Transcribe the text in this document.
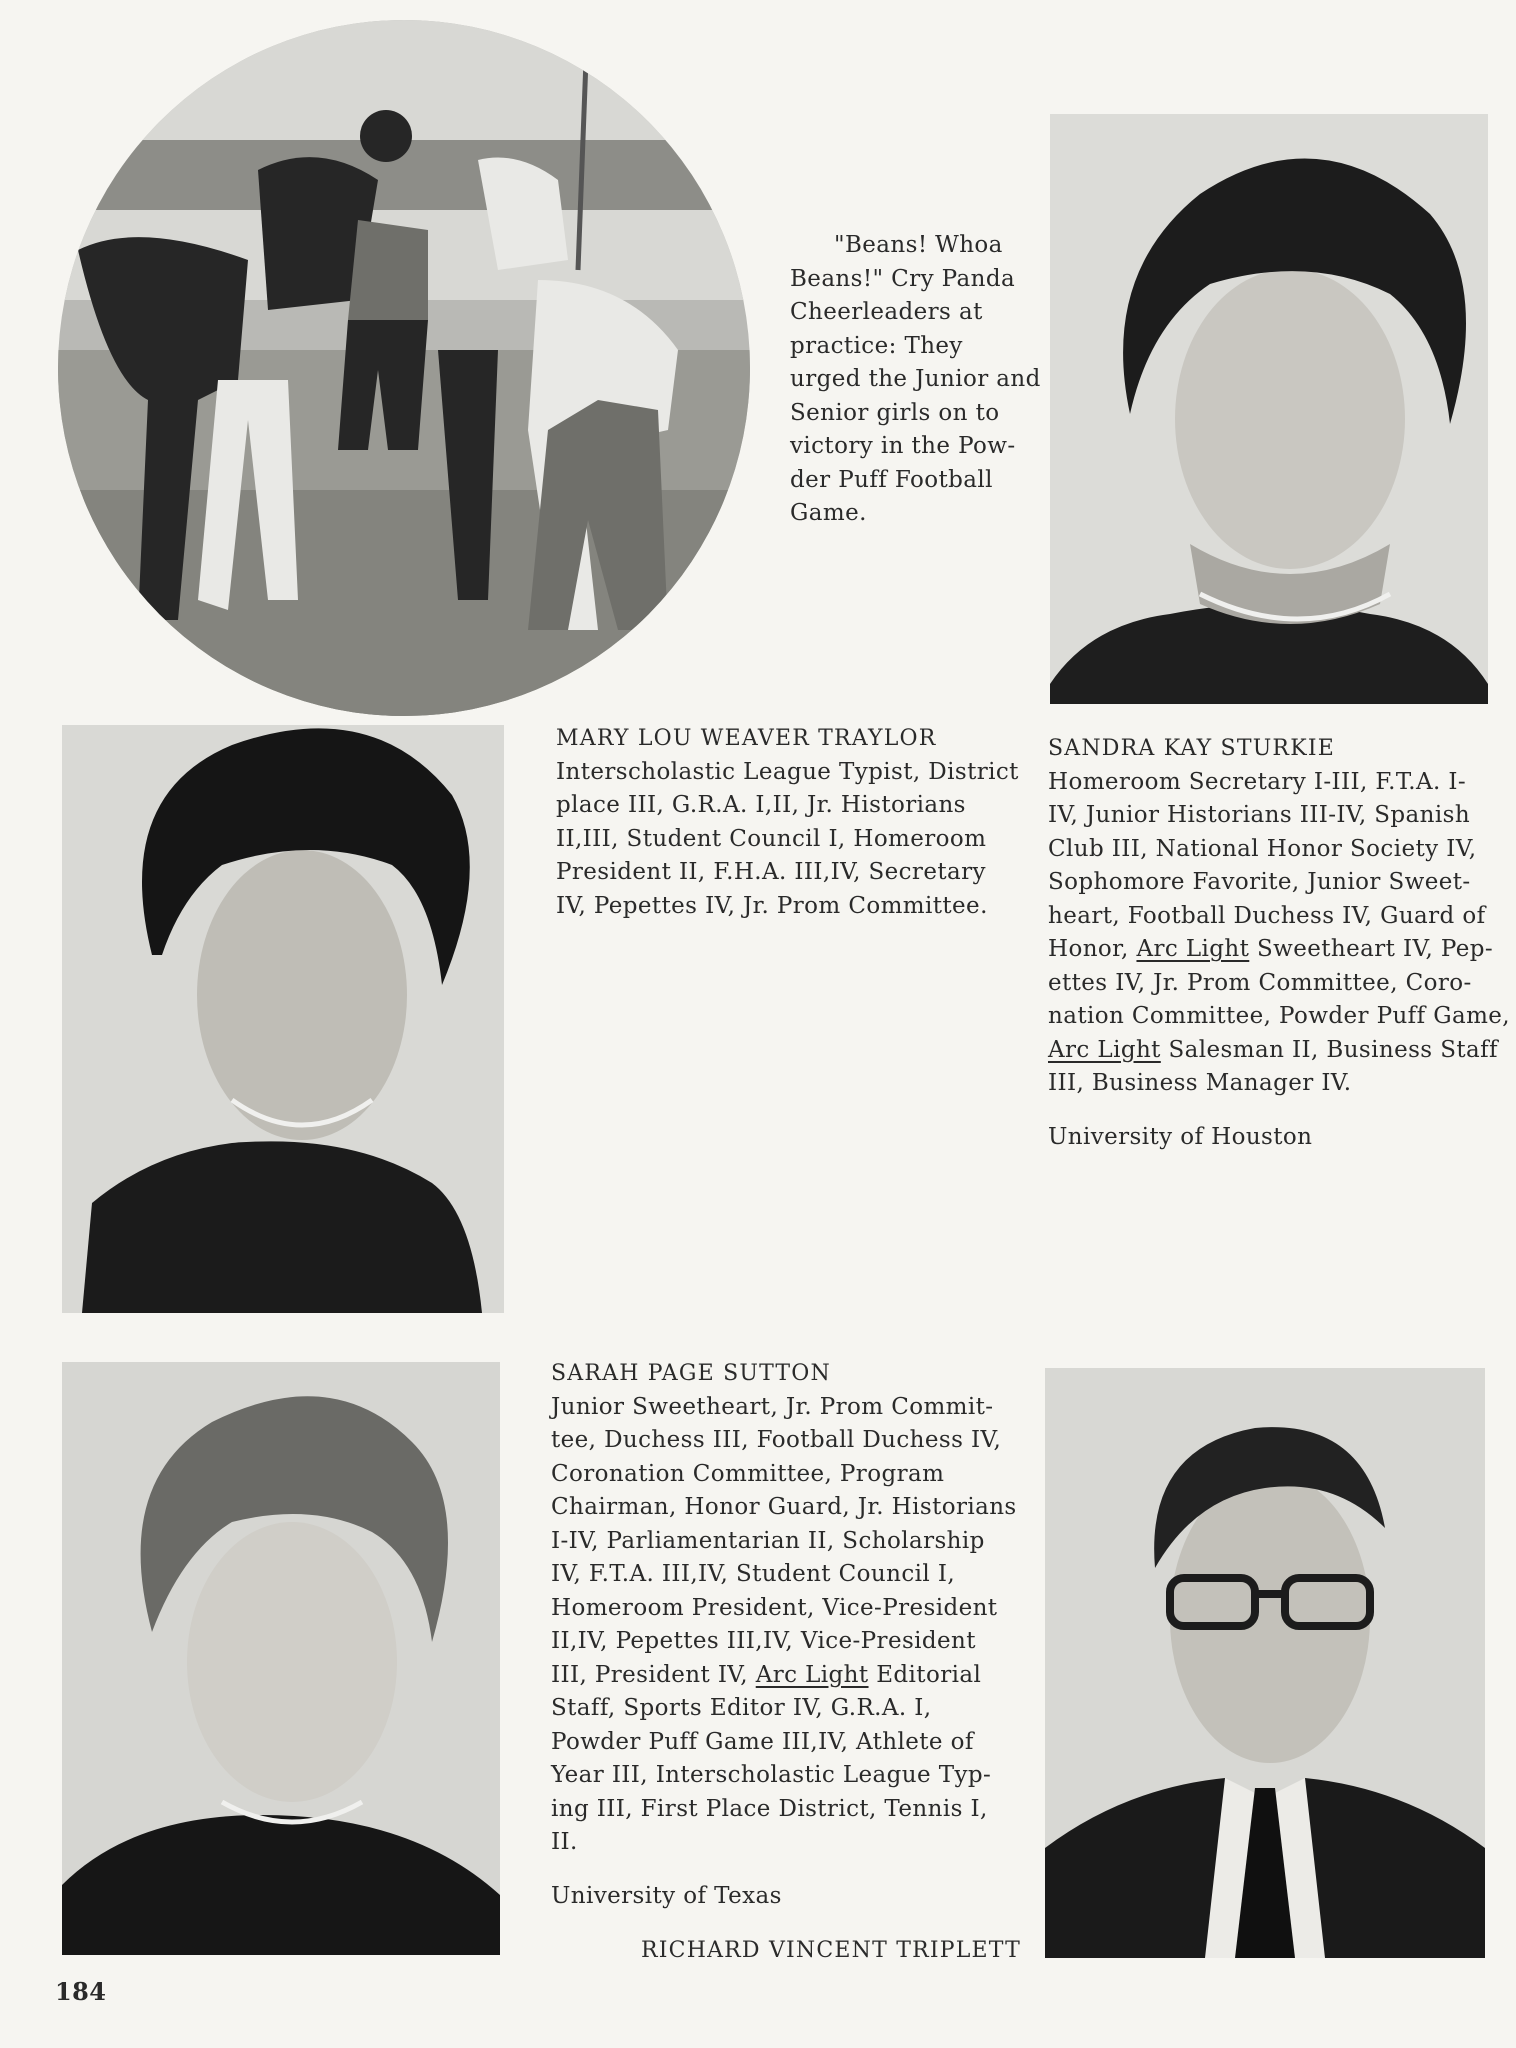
"Beans! Whoa
Beans!" Cry Panda
Cheerleaders at
practice: They
urged the Junior and
Senior girls on to
victory in the Pow-
der Puff Football
Game.
MARY LOU WEAVER TRAYLOR
Interscholastic League Typist, District
place III, G.R.A. I,II, Jr. Historians
II,III, Student Council I, Homeroom
President II, F.H.A. III,IV, Secretary
IV, Pepettes IV, Jr. Prom Committee.
SANDRA KAY STURKIE
Homeroom Secretary I-III, F.T.A. I-
IV, Junior Historians III-IV, Spanish
Club III, National Honor Society IV,
Sophomore Favorite, Junior Sweet-
heart, Football Duchess IV, Guard of
Honor, Arc Light Sweetheart IV, Pep-
ettes IV, Jr. Prom Committee, Coro-
nation Committee, Powder Puff Game,
Arc Light Salesman II, Business Staff
III, Business Manager IV.
University of Houston
SARAH PAGE SUTTON
Junior Sweetheart, Jr. Prom Commit-
tee, Duchess III, Football Duchess IV,
Coronation Committee, Program
Chairman, Honor Guard, Jr. Historians
I-IV, Parliamentarian II, Scholarship
IV, F.T.A. III,IV, Student Council I,
Homeroom President, Vice-President
II,IV, Pepettes III,IV, Vice-President
III, President IV, Arc Light Editorial
Staff, Sports Editor IV, G.R.A. I,
Powder Puff Game III,IV, Athlete of
Year III, Interscholastic League Typ-
ing III, First Place District, Tennis I,
II.
University of Texas
RICHARD VINCENT TRIPLETT
184
